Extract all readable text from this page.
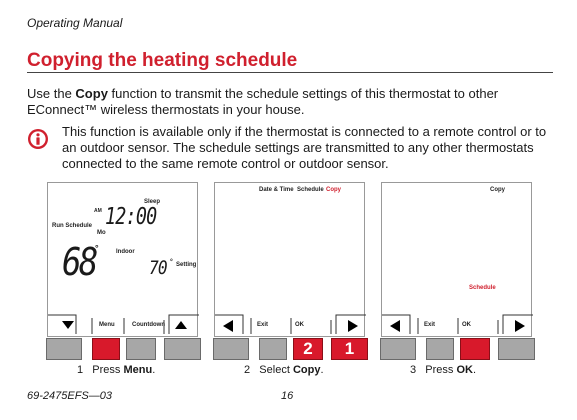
Operating Manual
Copying the heating schedule

Use the Copy function to transmit the schedule settings of this thermostat to other EConnect™ wireless thermostats in your house.

This function is available only if the thermostat is connected to a remote control or to an outdoor sensor. The schedule settings are transmitted to any other thermostats connected to the same remote control or outdoor sensor.

Sleep
AM 12:00
Run Schedule
Mo
68 °	Indoor
70 ° Setting
Menu	Countdown
Date & Time Schedule Copy
Exit	OK
Copy
Schedule
Exit	OK
2	1
1 Press Menu.	2 Select Copy.	3 Press OK.
69-2475EFS—03	16
